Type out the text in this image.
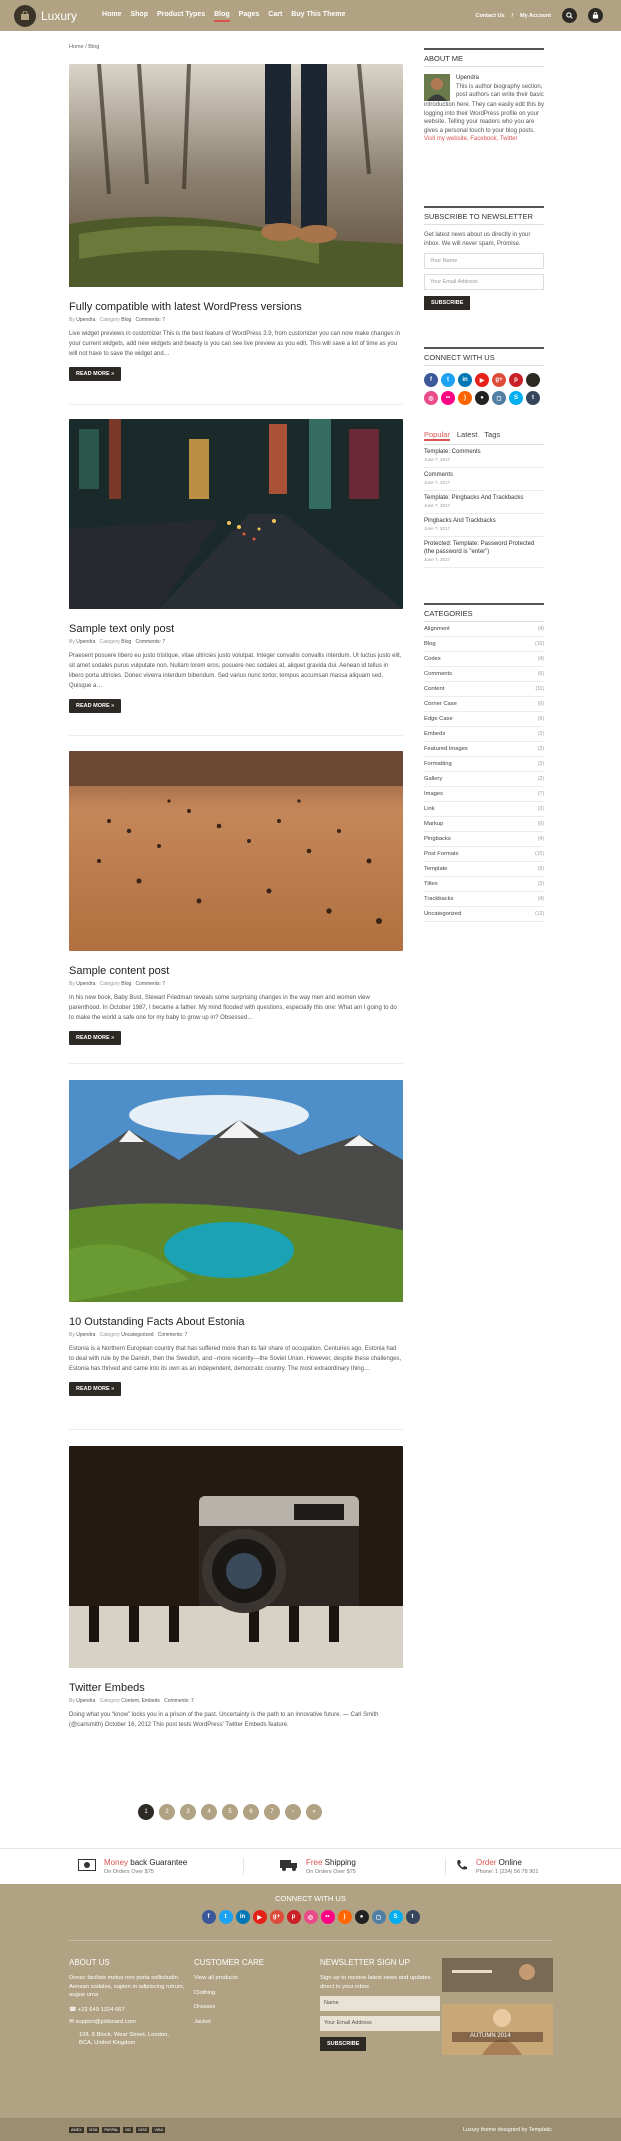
Luxury	Home Shop Product Types Blog Pages Cart Buy This Theme	Contact Us / My Account
Home / Blog
Fully compatible with latest WordPress versions
By Upendra Category Blog Comments: 7

Live widget previews in customizer This is the best feature of WordPress 3.9, from customizer you can now make changes in your current widgets, add new widgets and beauty is you can see live preview as you edit. This will save a lot of time as you will not have to save the widget and…

READ MORE »
Sample text only post
By Upendra Category Blog Comments: 7

Praesent posuere libero eu justo tristique, vitae ultricies justo volutpat. Integer convallis convallis interdum. Ut luctus justo elit, sit amet sodales purus vulputate non. Nullam lorem eros, posuere nec sodales at, aliquet gravida dui. Aenean id tellus in libero porta ultricies. Donec viverra interdum bibendum. Sed varius nunc tortor, tempus accumsan massa aliquam sed. Quisque a…

READ MORE »
Sample content post
By Upendra Category Blog Comments: 7

In his new book, Baby Bust, Stewart Friedman reveals some surprising changes in the way men and women view parenthood. In October 1987, I became a father. My mind flooded with questions, especially this one: What am I going to do to make the world a safe one for my baby to grow up in? Obsessed…

READ MORE »
10 Outstanding Facts About Estonia
By Upendra Category Uncategorized Comments: 7

Estonia is a Northern European country that has suffered more than its fair share of occupation. Centuries ago, Estonia had to deal with rule by the Danish, then the Swedish, and –more recently—the Soviet Union. However, despite these challenges, Estonia has thrived and came into its own as an independent, democratic country. The most extraordinary thing…

READ MORE »
Twitter Embeds
By Upendra Category Content, Embeds Comments: 7

Doing what you “know” locks you in a prison of the past. Uncertainty is the path to an innovative future. — Carl Smith (@carlsmith) October 16, 2012 This post tests WordPress' Twitter Embeds feature.

ABOUT ME
Upendra
This is author biography section, post authors can write their basic

introduction here. They can easily edit this by logging into their WordPress profile on your website. Telling your readers who you are gives a personal touch to your blog posts.

Visit my website, Facebook, Twitter

SUBSCRIBE TO NEWSLETTER

Get latest news about us directly in your inbox. We will never spam, Promise.

Your Name
Your Email Address
SUBSCRIBE
CONNECT WITH US
f	t	in	▶	g+	p
◎	••	)	●	◻	S	t
Popular Latest Tags
Template: Comments
June 7, 2017
Comments
June 7, 2017
Template: Pingbacks And Trackbacks
June 7, 2017
Pingbacks And Trackbacks
June 7, 2017
Protected: Template: Password Protected (the password is "enter")
June 7, 2017
CATEGORIES
Alignment	(4)
Blog	(10)
Codex	(4)
Comments	(6)
Content	(11)
Corner Case	(6)
Edge Case	(6)
Embeds	(2)
Featured Images	(2)
Formatting	(3)
Gallery	(2)
Images	(7)
Link	(2)
Markup	(6)
Pingbacks	(4)
Post Formats	(15)
Template	(6)
Titles	(3)
Trackbacks	(4)
Uncategorized	(12)
1	2	3	4	5	6	7	›	»
Money back Guarantee
On Orders Over $75
Free Shipping
On Orders Over $75
Order Online
Phone: 1 (234) 56 78 901
CONNECT WITH US
f	t	in	▶	g+	p	◎	••	)	●	◻	S	t
ABOUT US

Donec facilisis metus non porta sollicitudin. Aenean sodales, sapien in adipiscing rutrum, augue urna

☎ +22 649 1324 667

✉ support@jobboard.com

10/L 8 Block, Wear Street, London, BCA, United Kingdom

CUSTOMER CARE

View all products

Clothing

Dresses

Jacket

NEWSLETTER SIGN UP

Sign up to receive latest news and updates direct to your inbox

Name
Your Email Address
SUBSCRIBE
AUTUMN 2014
AMEX	VISA	PAYPAL	MC	DISC	VISA	Luxury theme designed by Templatic
